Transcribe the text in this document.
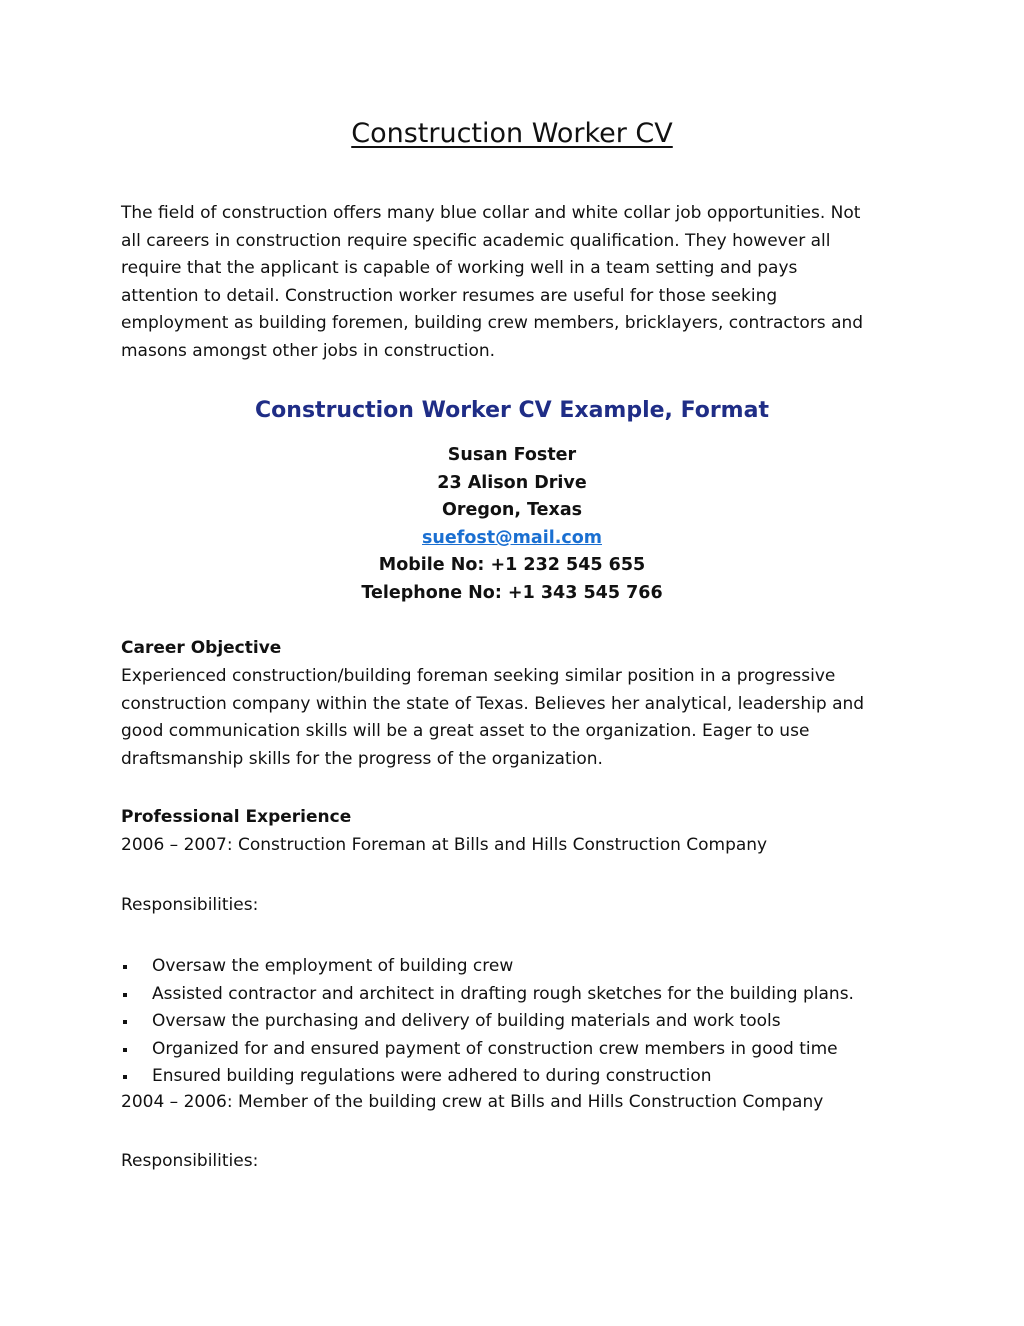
Construction Worker CV

The field of construction offers many blue collar and white collar job opportunities. Not
all careers in construction require specific academic qualification. They however all
require that the applicant is capable of working well in a team setting and pays
attention to detail. Construction worker resumes are useful for those seeking
employment as building foremen, building crew members, bricklayers, contractors and
masons amongst other jobs in construction.

Construction Worker CV Example, Format
Susan Foster
23 Alison Drive
Oregon, Texas
suefost@mail.com
Mobile No: +1 232 545 655
Telephone No: +1 343 545 766
Career Objective

Experienced construction/building foreman seeking similar position in a progressive
construction company within the state of Texas. Believes her analytical, leadership and
good communication skills will be a great asset to the organization. Eager to use
draftsmanship skills for the progress of the organization.

Professional Experience

2006 – 2007: Construction Foreman at Bills and Hills Construction Company

Responsibilities:

Oversaw the employment of building crew
Assisted contractor and architect in drafting rough sketches for the building plans.
Oversaw the purchasing and delivery of building materials and work tools
Organized for and ensured payment of construction crew members in good time
Ensured building regulations were adhered to during construction

2004 – 2006: Member of the building crew at Bills and Hills Construction Company

Responsibilities:
